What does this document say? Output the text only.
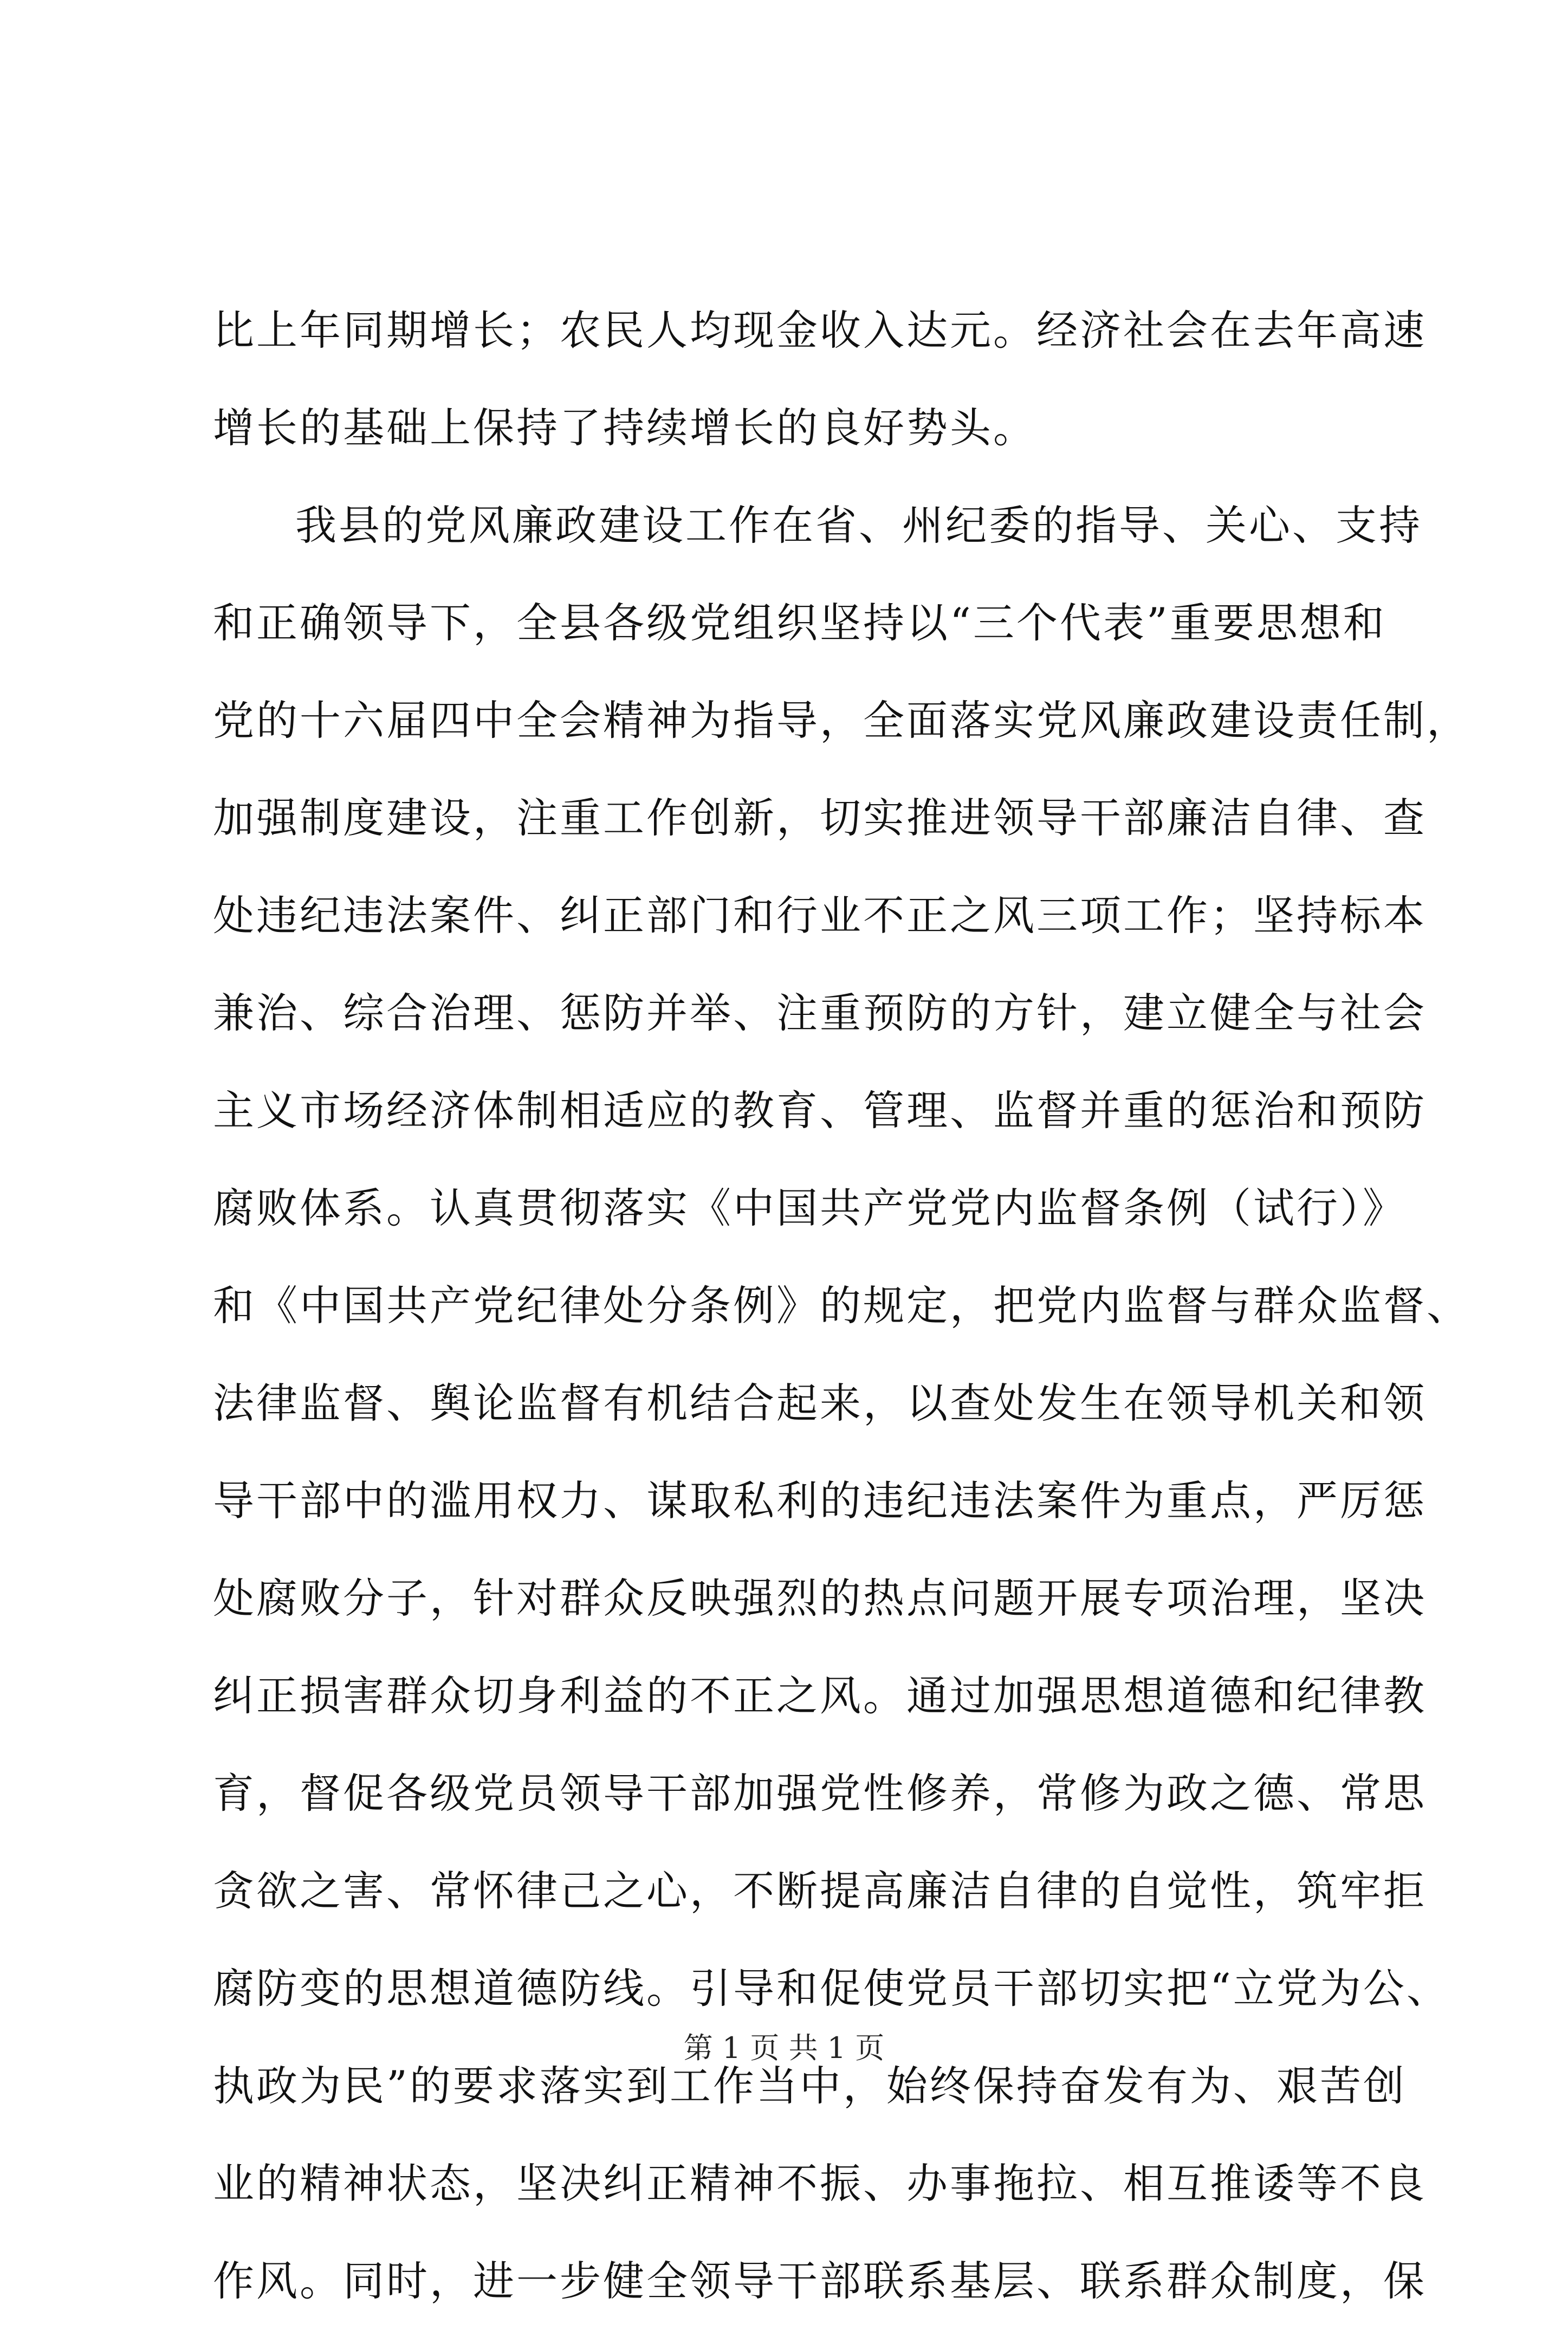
比上年同期增长；农民人均现金收入达元。经济社会在去年高速
增长的基础上保持了持续增长的良好势头。
我县的党风廉政建设工作在省、州纪委的指导、关心、支持
和正确领导下，全县各级党组织坚持以“三个代表”重要思想和
党的十六届四中全会精神为指导，全面落实党风廉政建设责任制，
加强制度建设，注重工作创新，切实推进领导干部廉洁自律、查
处违纪违法案件、纠正部门和行业不正之风三项工作；坚持标本
兼治、综合治理、惩防并举、注重预防的方针，建立健全与社会
主义市场经济体制相适应的教育、管理、监督并重的惩治和预防
腐败体系。认真贯彻落实《中国共产党党内监督条例（试行）》
和《中国共产党纪律处分条例》的规定，把党内监督与群众监督、
法律监督、舆论监督有机结合起来，以查处发生在领导机关和领
导干部中的滥用权力、谋取私利的违纪违法案件为重点，严厉惩
处腐败分子，针对群众反映强烈的热点问题开展专项治理，坚决
纠正损害群众切身利益的不正之风。通过加强思想道德和纪律教
育，督促各级党员领导干部加强党性修养，常修为政之德、常思
贪欲之害、常怀律己之心，不断提高廉洁自律的自觉性，筑牢拒
腐防变的思想道德防线。引导和促使党员干部切实把“立党为公、
执政为民”的要求落实到工作当中，始终保持奋发有为、艰苦创
业的精神状态，坚决纠正精神不振、办事拖拉、相互推诿等不良
作风。同时，进一步健全领导干部联系基层、联系群众制度，保
第 1 页 共 1 页
